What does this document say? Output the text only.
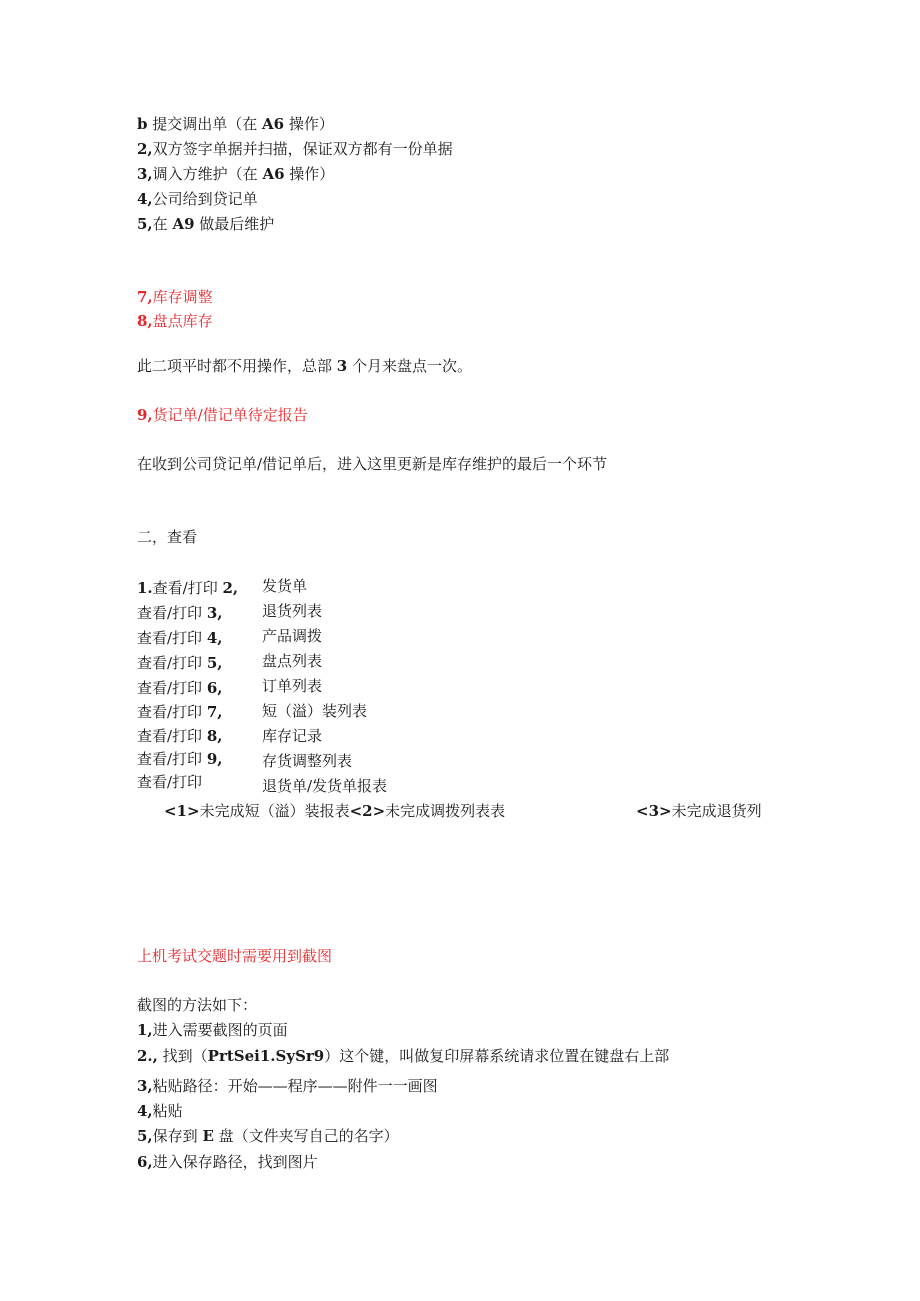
b 提交调出单（在 A6 操作）
2,双方签字单据并扫描，保证双方都有一份单据
3,调入方维护（在 A6 操作）
4,公司给到贷记单
5,在 A9 做最后维护
7,库存调整
8,盘点库存
此二项平时都不用操作，总部 3 个月来盘点一次。
9,货记单/借记单待定报告
在收到公司贷记单/借记单后，进入这里更新是库存维护的最后一个环节
二，查看
1.查看/打印 2, 发货单
查看/打印 3,	退货列表
查看/打印 4,	产品调拨
查看/打印 5,	盘点列表
查看/打印 6,	订单列表
查看/打印 7,	短（溢）装列表
查看/打印 8,	库存记录
查看/打印 9,	存货调整列表
查看/打印	退货单/发货单报表
<1>未完成短（溢）装报表<2>未完成调拨列表表	<3>未完成退货列
上机考试交题时需要用到截图
截图的方法如下：
1,进入需要截图的页面
2., 找到（PrtSei1.SySr9）这个键，叫做复印屏幕系统请求位置在键盘右上部
3,粘贴路径：开始——程序——附件一一画图
4,粘贴
5,保存到 E 盘（文件夹写自己的名字）
6,进入保存路径，找到图片
